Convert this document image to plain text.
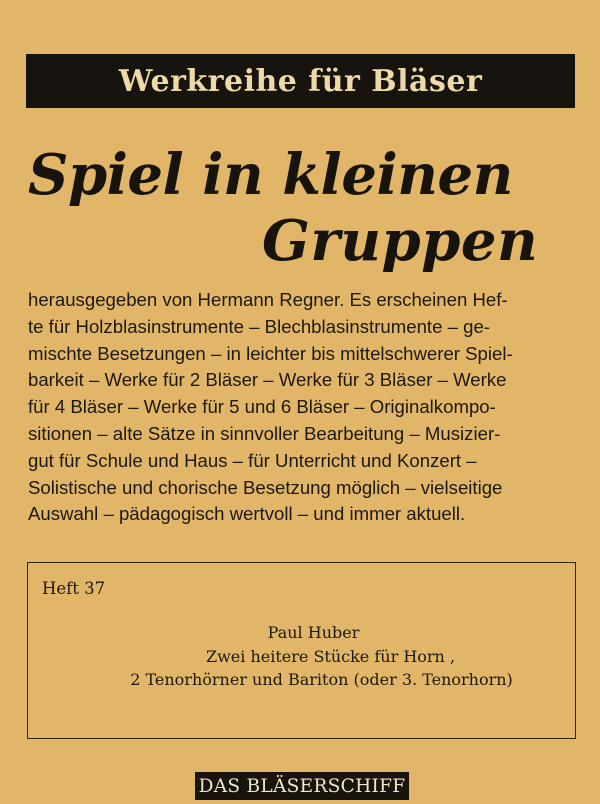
Werkreihe für Bläser
Spiel in kleinen
Gruppen
herausgegeben von Hermann Regner. Es erscheinen Hef-
te für Holzblasinstrumente – Blechblasinstrumente – ge-
mischte Besetzungen – in leichter bis mittelschwerer Spiel-
barkeit – Werke für 2 Bläser – Werke für 3 Bläser – Werke
für 4 Bläser – Werke für 5 und 6 Bläser – Originalkompo-
sitionen – alte Sätze in sinnvoller Bearbeitung – Musizier-
gut für Schule und Haus – für Unterricht und Konzert –
Solistische und chorische Besetzung möglich – vielseitige
Auswahl – pädagogisch wertvoll – und immer aktuell.
Heft 37
Paul Huber
Zwei heitere Stücke für Horn ,
2 Tenorhörner und Bariton (oder 3. Tenorhorn)
DAS BLÄSERSCHIFF
